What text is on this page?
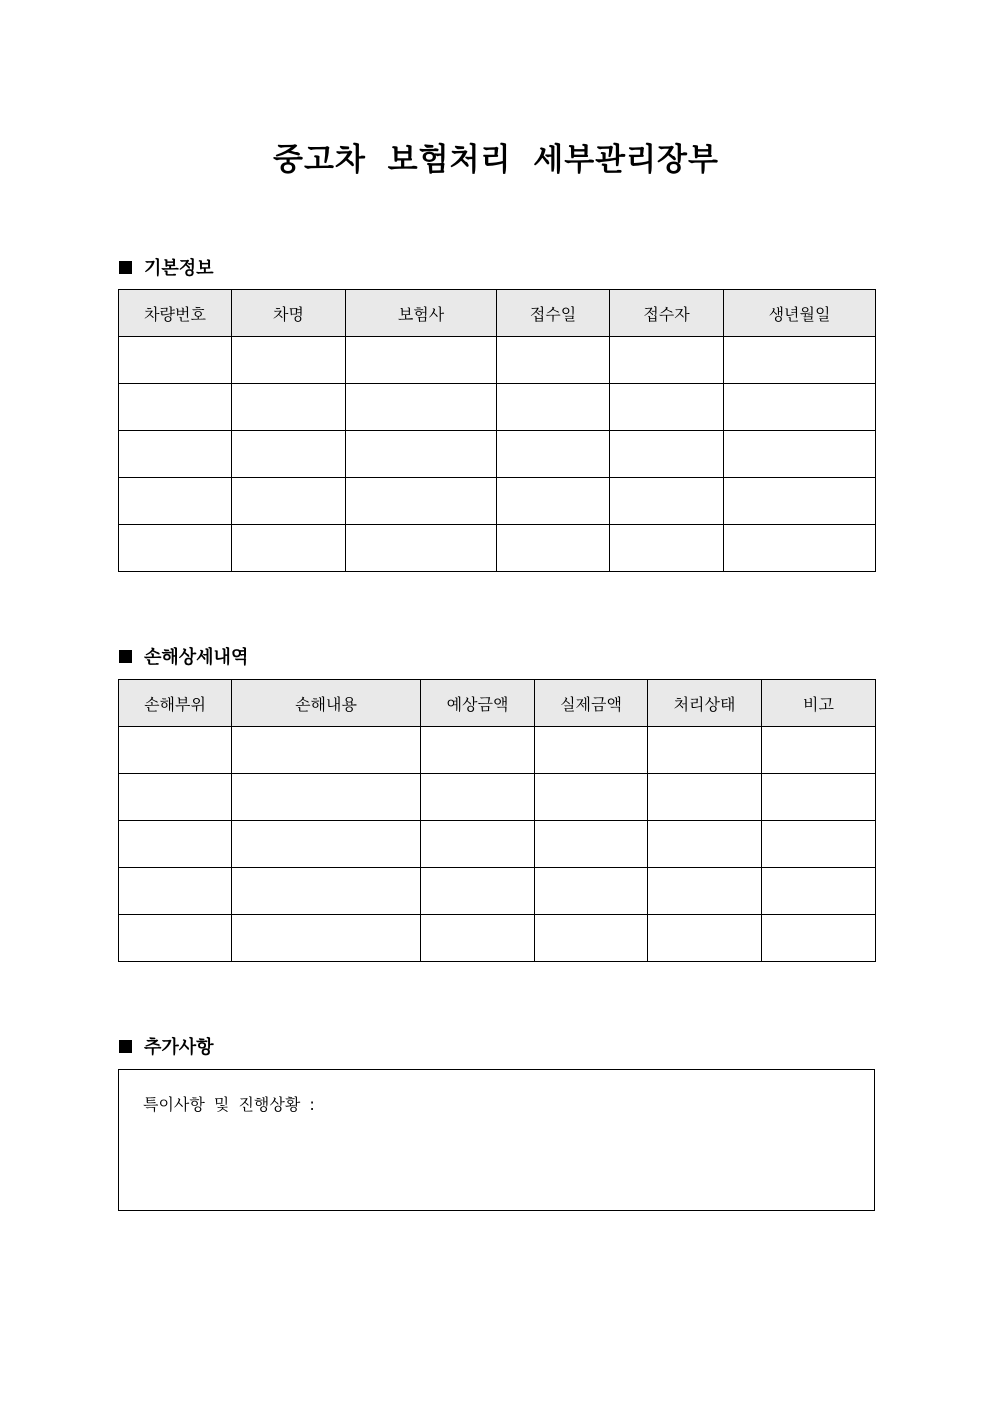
중고차 보험처리 세부관리장부
기본정보
차량번호	차명	보험사	접수일	접수자	생년월일

손해상세내역
손해부위	손해내용	예상금액	실제금액	처리상태	비고

추가사항
특이사항 및 진행상황 :
